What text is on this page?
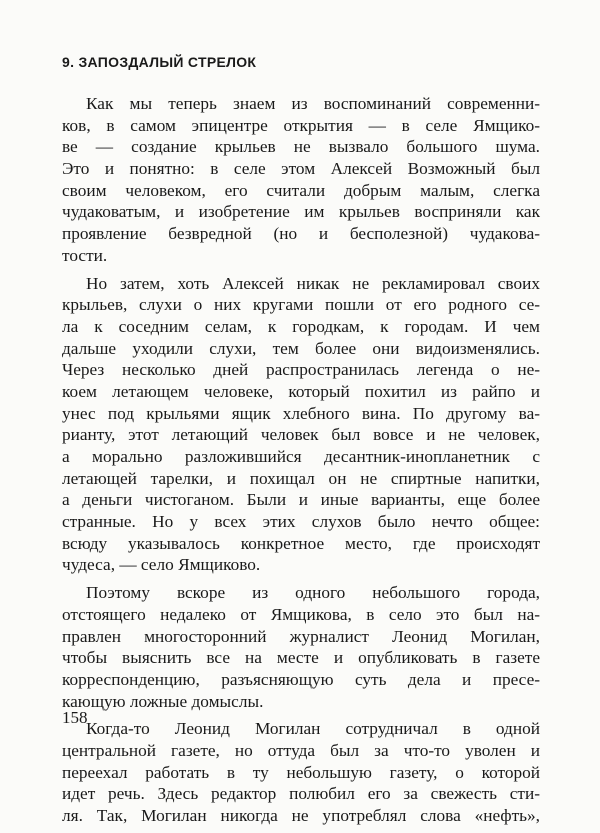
9. ЗАПОЗДАЛЫЙ СТРЕЛОК
Как мы теперь знаем из воспоминаний современни-
ков, в самом эпицентре открытия — в селе Ямщико-
ве — создание крыльев не вызвало большого шума.
Это и понятно: в селе этом Алексей Возможный был
своим человеком, его считали добрым малым, слегка
чудаковатым, и изобретение им крыльев восприняли как
проявление безвредной (но и бесполезной) чудакова-
тости.
Но затем, хоть Алексей никак не рекламировал своих
крыльев, слухи о них кругами пошли от его родного се-
ла к соседним селам, к городкам, к городам. И чем
дальше уходили слухи, тем более они видоизменялись.
Через несколько дней распространилась легенда о не-
коем летающем человеке, который похитил из райпо и
унес под крыльями ящик хлебного вина. По другому ва-
рианту, этот летающий человек был вовсе и не человек,
а морально разложившийся десантник-инопланетник с
летающей тарелки, и похищал он не спиртные напитки,
а деньги чистоганом. Были и иные варианты, еще более
странные. Но у всех этих слухов было нечто общее:
всюду указывалось конкретное место, где происходят
чудеса, — село Ямщиково.
Поэтому вскоре из одного небольшого города,
отстоящего недалеко от Ямщикова, в село это был на-
правлен многосторонний журналист Леонид Могилан,
чтобы выяснить все на месте и опубликовать в газете
корреспонденцию, разъясняющую суть дела и пресе-
кающую ложные домыслы.
Когда-то Леонид Могилан сотрудничал в одной
центральной газете, но оттуда был за что-то уволен и
переехал работать в ту небольшую газету, о которой
идет речь. Здесь редактор полюбил его за свежесть сти-
ля. Так, Могилан никогда не употреблял слова «нефть»,
158
